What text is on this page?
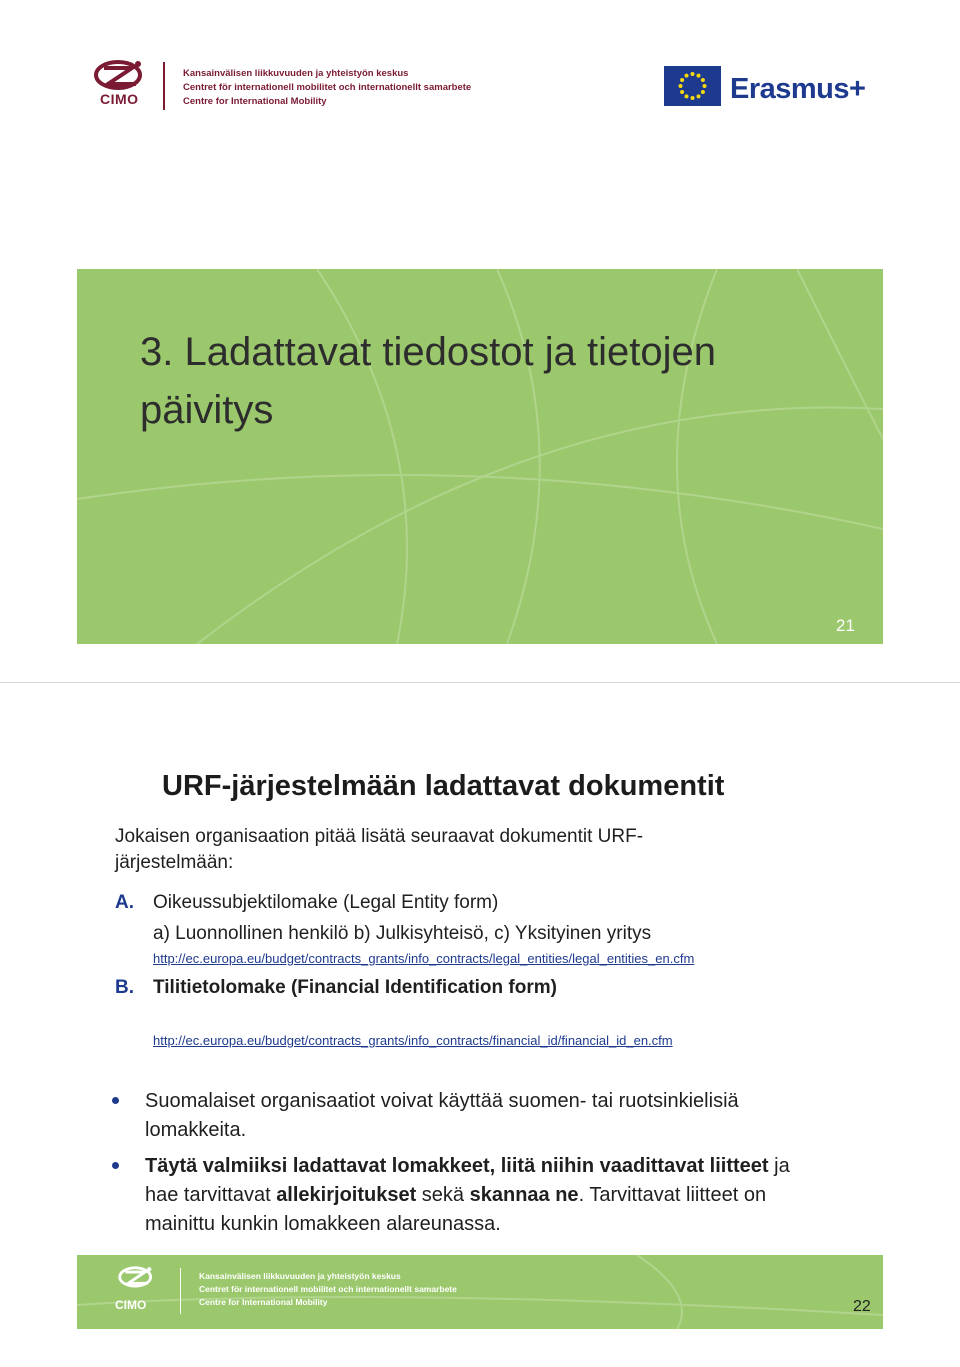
CIMO
Kansainvälisen liikkuvuuden ja yhteistyön keskus
Centret för internationell mobilitet och internationellt samarbete
Centre for International Mobility	Erasmus+
3. Ladattavat tiedostot ja tietojen
päivitys
21
URF-järjestelmään ladattavat dokumentit
Jokaisen organisaation pitää lisätä seuraavat dokumentit URF-
järjestelmään:
A. Oikeussubjektilomake (Legal Entity form)
a) Luonnollinen henkilö b) Julkisyhteisö, c) Yksityinen yritys
http://ec.europa.eu/budget/contracts_grants/info_contracts/legal_entities/legal_entities_en.cfm
B. Tilitietolomake (Financial Identification form)
http://ec.europa.eu/budget/contracts_grants/info_contracts/financial_id/financial_id_en.cfm
Suomalaiset organisaatiot voivat käyttää suomen- tai ruotsinkielisiä
lomakkeita.
Täytä valmiiksi ladattavat lomakkeet, liitä niihin vaadittavat liitteet ja
hae tarvittavat allekirjoitukset sekä skannaa ne. Tarvittavat liitteet on
mainittu kunkin lomakkeen alareunassa.
CIMO
Kansainvälisen liikkuvuuden ja yhteistyön keskus
Centret för internationell mobilitet och internationellt samarbete
Centre for International Mobility	22
